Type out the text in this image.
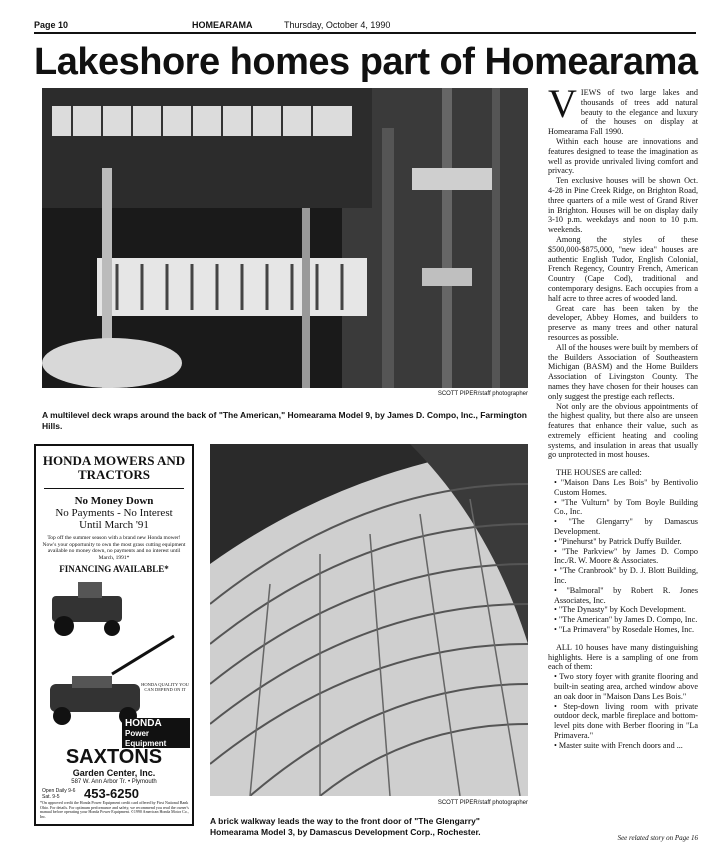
Page 10	HOMEARAMA	Thursday, October 4, 1990
Lakeshore homes part of Homearama
SCOTT PIPER/staff photographer
A multilevel deck wraps around the back of "The American," Homearama Model 9, by James D. Compo, Inc., Farmington Hills.
HONDA MOWERS AND TRACTORS
No Money Down
No Payments - No Interest
Until March '91
Top off the summer season with a brand new Honda mower! Now's your opportunity to own the most grass cutting equipment available no money down, no payments and no interest until March, 1991*
FINANCING AVAILABLE*
HONDA QUALITY YOU CAN DEPEND ON IT
HONDA
Power
Equipment
SAXTONS
Garden Center, Inc.
587 W. Ann Arbor Tr. • Plymouth
Open Daily 9-6 Sat. 9-5	453-6250
*On approved credit the Honda Power Equipment credit card offered by First National Bank Ohio. For details. For optimum performance and safety, we recommend you read the owner's manual before operating your Honda Power Equipment. ©1990 American Honda Motor Co., Inc.
SCOTT PIPER/staff photographer
A brick walkway leads the way to the front door of "The Glengarry" Homearama Model 3, by Damascus Development Corp., Rochester.

VIEWS of two large lakes and thousands of trees add natural beauty to the elegance and luxury of the houses on display at Homearama Fall 1990.

Within each house are innovations and features designed to tease the imagination as well as provide unrivaled living comfort and privacy.

Ten exclusive houses will be shown Oct. 4-28 in Pine Creek Ridge, on Brighton Road, three quarters of a mile west of Grand River in Brighton. Houses will be on display daily 3-10 p.m. weekdays and noon to 10 p.m. weekends.

Among the styles of these $500,000-$875,000, "new idea" houses are authentic English Tudor, English Colonial, French Regency, Country French, American Country (Cape Cod), traditional and contemporary designs. Each occupies from a half acre to three acres of wooded land.

Great care has been taken by the developer, Abbey Homes, and builders to preserve as many trees and other natural resources as possible.

All of the houses were built by members of the Builders Association of Southeastern Michigan (BASM) and the Home Builders Association of Livingston County. The names they have chosen for their houses can only suggest the prestige each reflects.

Not only are the obvious appointments of the highest quality, but there also are unseen features that enhance their value, such as extremely efficient heating and cooling systems, and insulation in areas that usually go unprotected in most houses.

THE HOUSES are called:

• "Maison Dans Les Bois" by Bentivolio Custom Homes.

• "The Vulturn" by Tom Boyle Building Co., Inc.

• "The Glengarry" by Damascus Development.

• "Pinehurst" by Patrick Duffy Builder.

• "The Parkview" by James D. Compo Inc./R. W. Moore & Associates.

• "The Cranbrook" by D. J. Blott Building, Inc.

• "Balmoral" by Robert R. Jones Associates, Inc.

• "The Dynasty" by Koch Development.

• "The American" by James D. Compo, Inc.

• "La Primavera" by Rosedale Homes, Inc.

ALL 10 houses have many distinguishing highlights. Here is a sampling of one from each of them:

• Two story foyer with granite flooring and built-in seating area, arched window above an oak door in "Maison Dans Les Bois."

• Step-down living room with private outdoor deck, marble fireplace and bottom-level pits done with Berber flooring in "La Primavera."

• Master suite with French doors and ...

See related story on Page 16
